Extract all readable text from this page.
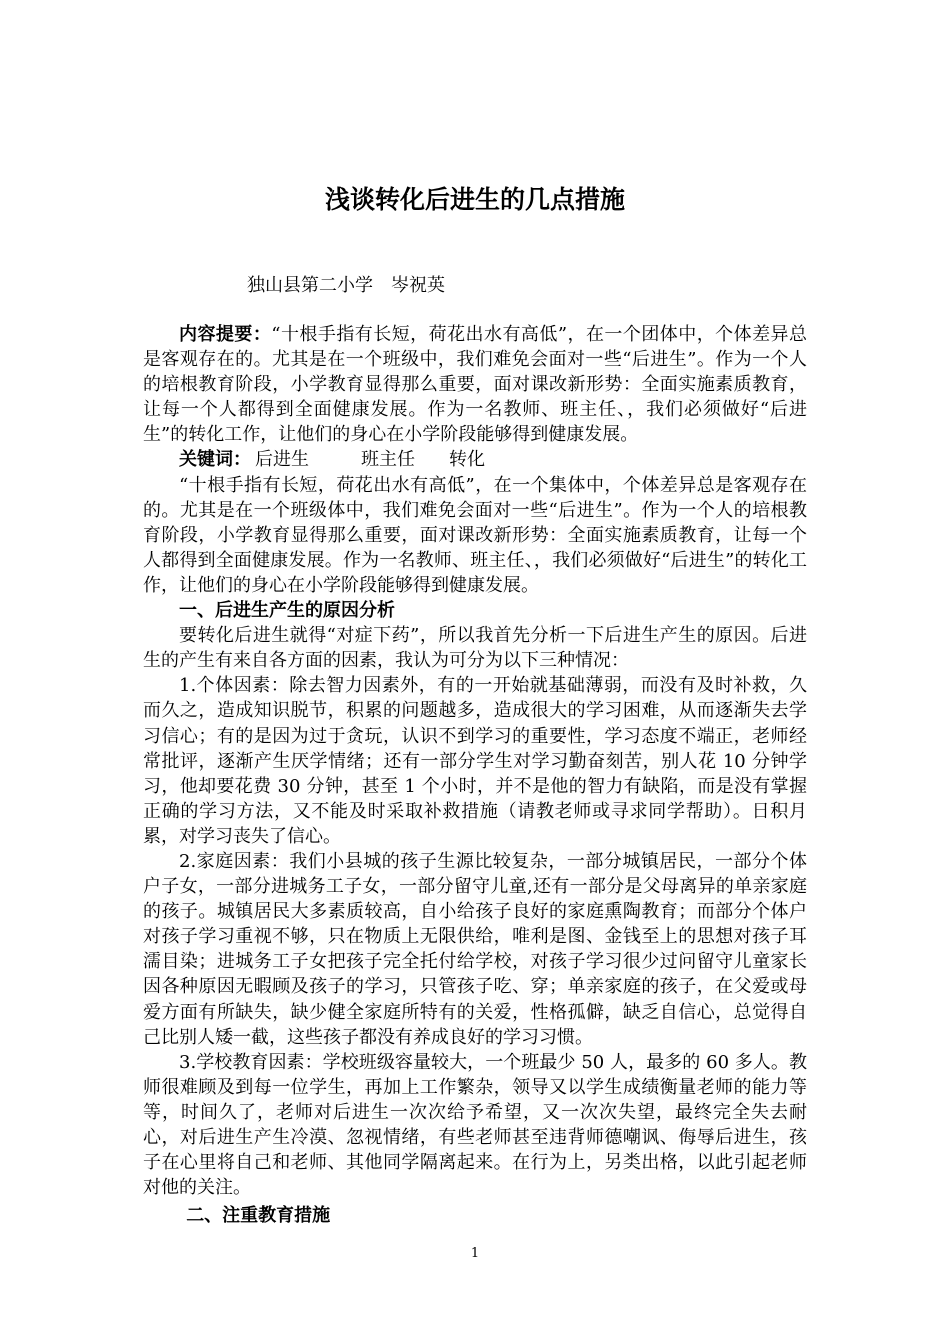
浅谈转化后进生的几点措施
独山县第二小学 岑祝英

内容提要：“十根手指有长短，荷花出水有高低”，在一个团体中，个体差异总是客观存在的。尤其是在一个班级中，我们难免会面对一些“后进生”。作为一个人的培根教育阶段，小学教育显得那么重要，面对课改新形势：全面实施素质教育，让每一个人都得到全面健康发展。作为一名教师、班主任、，我们必须做好“后进生”的转化工作，让他们的身心在小学阶段能够得到健康发展。

关键词： 后进生	班主任 转化

“十根手指有长短，荷花出水有高低”，在一个集体中，个体差异总是客观存在的。尤其是在一个班级体中，我们难免会面对一些“后进生”。作为一个人的培根教育阶段，小学教育显得那么重要，面对课改新形势：全面实施素质教育，让每一个人都得到全面健康发展。作为一名教师、班主任、，我们必须做好“后进生”的转化工作，让他们的身心在小学阶段能够得到健康发展。

一、后进生产生的原因分析

要转化后进生就得“对症下药”，所以我首先分析一下后进生产生的原因。后进生的产生有来自各方面的因素，我认为可分为以下三种情况：

1.个体因素：除去智力因素外，有的一开始就基础薄弱，而没有及时补救，久而久之，造成知识脱节，积累的问题越多，造成很大的学习困难，从而逐渐失去学习信心；有的是因为过于贪玩，认识不到学习的重要性，学习态度不端正，老师经常批评，逐渐产生厌学情绪；还有一部分学生对学习勤奋刻苦，别人花 10 分钟学习，他却要花费 30 分钟，甚至 1 个小时，并不是他的智力有缺陷，而是没有掌握正确的学习方法，又不能及时采取补救措施（请教老师或寻求同学帮助）。日积月累，对学习丧失了信心。

2.家庭因素：我们小县城的孩子生源比较复杂，一部分城镇居民，一部分个体户子女，一部分进城务工子女，一部分留守儿童,还有一部分是父母离异的单亲家庭的孩子。城镇居民大多素质较高，自小给孩子良好的家庭熏陶教育；而部分个体户对孩子学习重视不够，只在物质上无限供给，唯利是图、金钱至上的思想对孩子耳濡目染；进城务工子女把孩子完全托付给学校，对孩子学习很少过问留守儿童家长因各种原因无暇顾及孩子的学习，只管孩子吃、穿；单亲家庭的孩子，在父爱或母爱方面有所缺失，缺少健全家庭所特有的关爱，性格孤僻，缺乏自信心，总觉得自己比别人矮一截，这些孩子都没有养成良好的学习习惯。

3.学校教育因素：学校班级容量较大，一个班最少 50 人，最多的 60 多人。教师很难顾及到每一位学生，再加上工作繁杂，领导又以学生成绩衡量老师的能力等等，时间久了，老师对后进生一次次给予希望，又一次次失望，最终完全失去耐心，对后进生产生冷漠、忽视情绪，有些老师甚至违背师德嘲讽、侮辱后进生，孩子在心里将自己和老师、其他同学隔离起来。在行为上，另类出格，以此引起老师对他的关注。

二、注重教育措施
1
